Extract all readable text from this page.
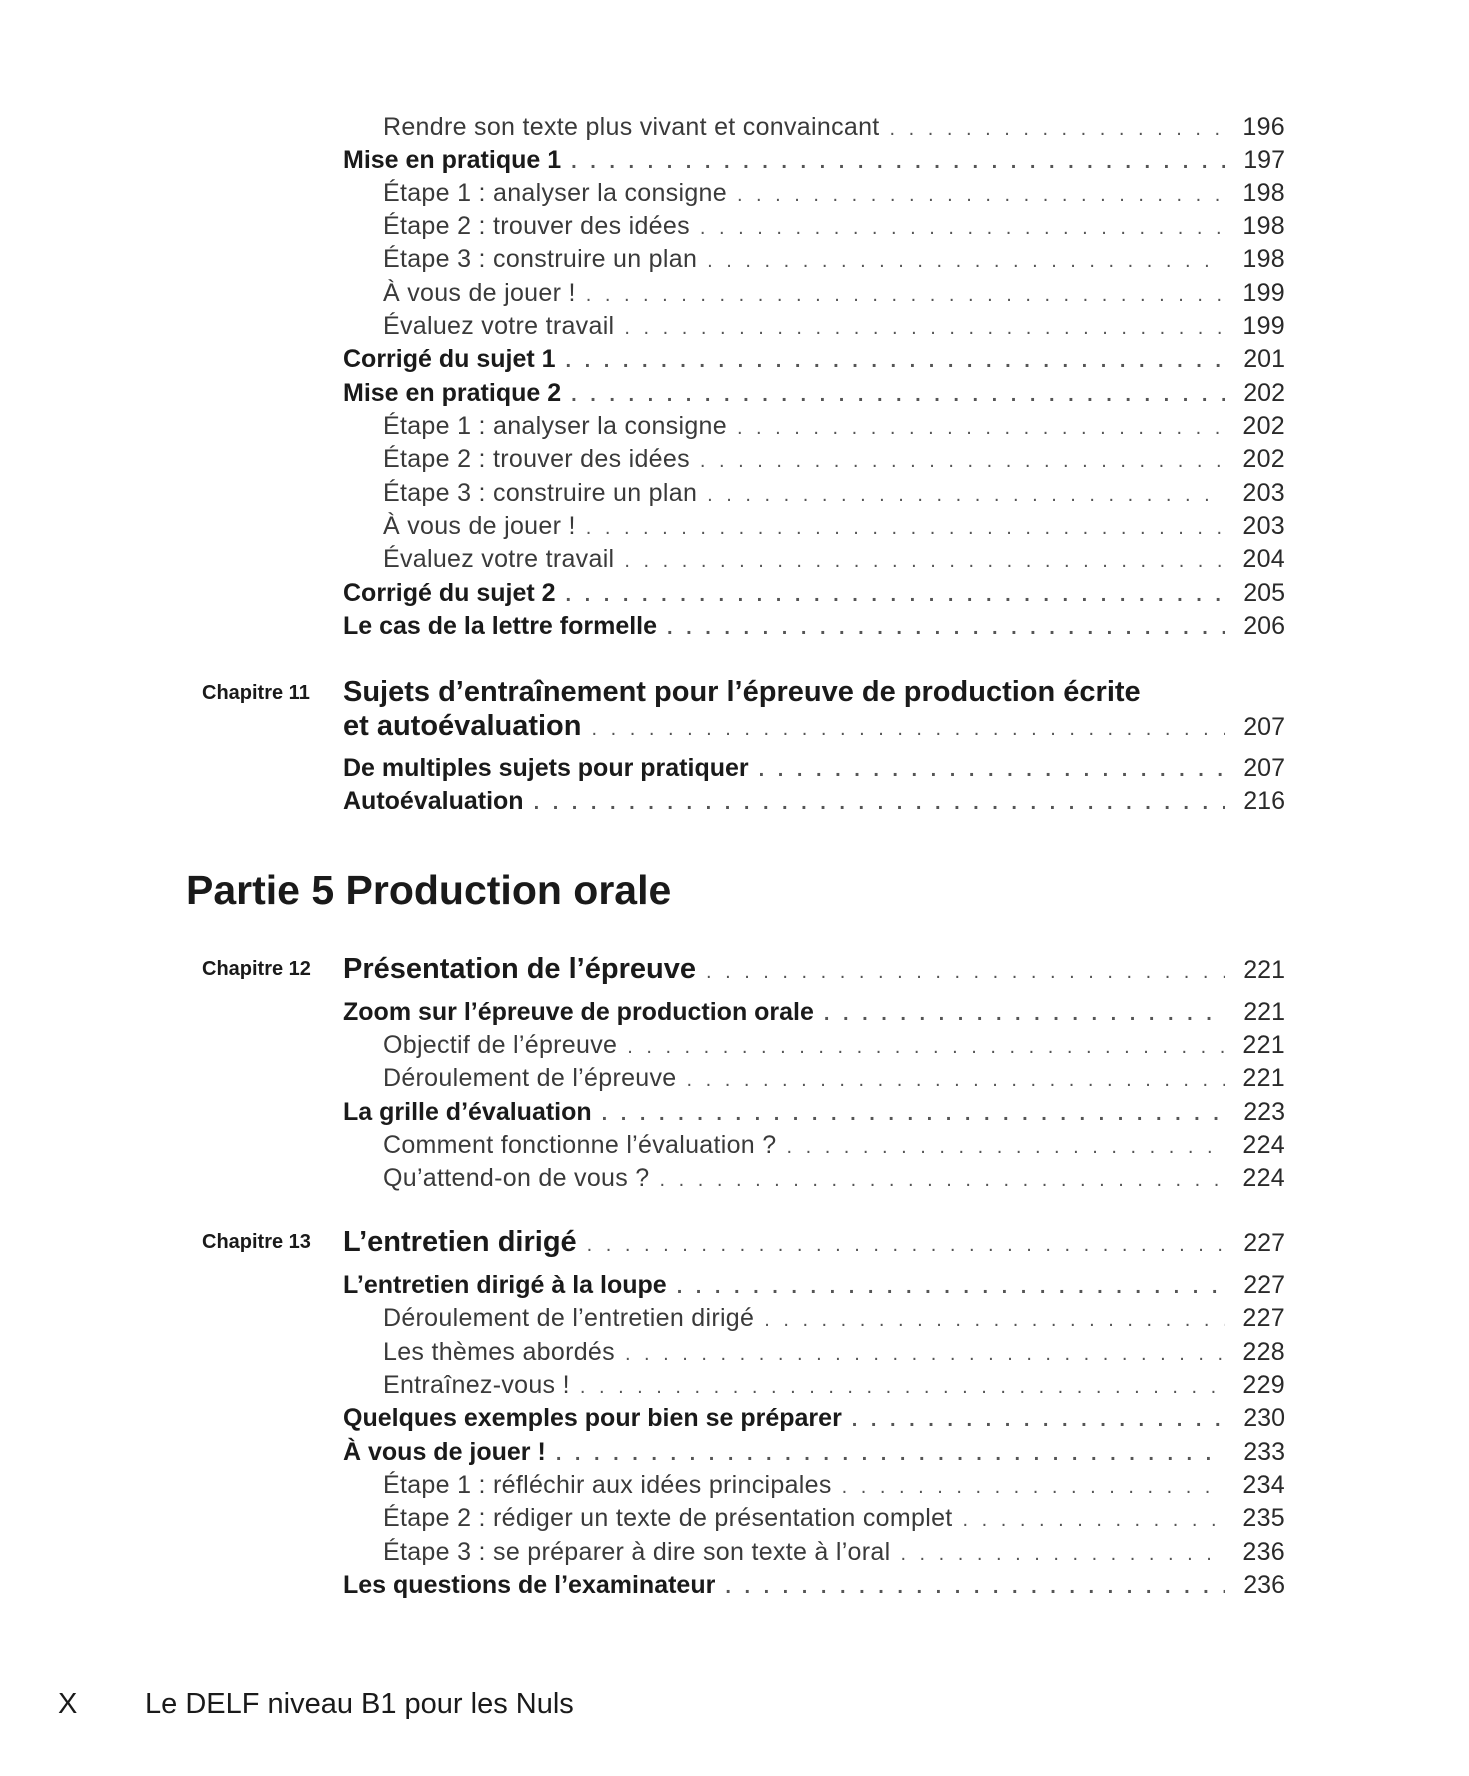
Rendre son texte plus vivant et convaincant . . .	196
Mise en pratique 1 . . .	197
Étape 1 : analyser la consigne . . .	198
Étape 2 : trouver des idées . . .	198
Étape 3 : construire un plan . . .	198
À vous de jouer ! . . .	199
Évaluez votre travail . . .	199
Corrigé du sujet 1 . . .	201
Mise en pratique 2 . . .	202
Étape 1 : analyser la consigne . . .	202
Étape 2 : trouver des idées . . .	202
Étape 3 : construire un plan . . .	203
À vous de jouer ! . . .	203
Évaluez votre travail . . .	204
Corrigé du sujet 2 . . .	205
Le cas de la lettre formelle . . .	206
Chapitre 11 Sujets d’entraînement pour l’épreuve de production écrite
et autoévaluation . . .	207
De multiples sujets pour pratiquer . . .	207
Autoévaluation . . .	216
Partie 5 Production orale
Chapitre 12 Présentation de l’épreuve . . .	221
Zoom sur l’épreuve de production orale . . .	221
Objectif de l’épreuve . . .	221
Déroulement de l’épreuve . . .	221
La grille d’évaluation . . .	223
Comment fonctionne l’évaluation ? . . .	224
Qu’attend-on de vous ? . . .	224
Chapitre 13 L’entretien dirigé . . .	227
L’entretien dirigé à la loupe . . .	227
Déroulement de l’entretien dirigé . . .	227
Les thèmes abordés . . .	228
Entraînez-vous ! . . .	229
Quelques exemples pour bien se préparer . . .	230
À vous de jouer ! . . .	233
Étape 1 : réfléchir aux idées principales . . .	234
Étape 2 : rédiger un texte de présentation complet . . .	235
Étape 3 : se préparer à dire son texte à l’oral . . .	236
Les questions de l’examinateur . . .	236
X Le DELF niveau B1 pour les Nuls
